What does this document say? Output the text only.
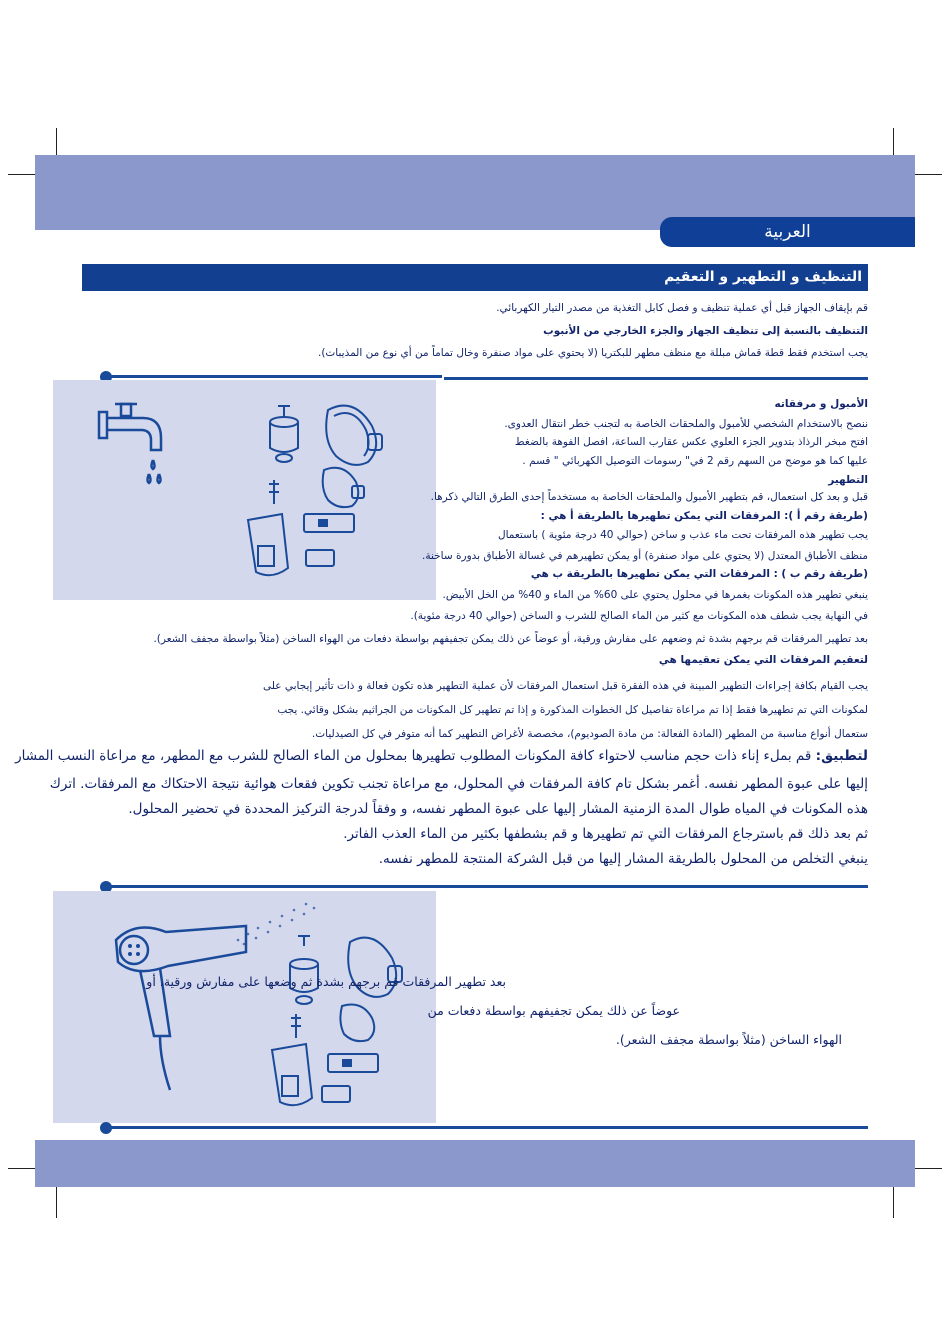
العربية
التنظيف و التطهير و التعقيم
قم بإيقاف الجهاز قبل أي عملية تنظيف و فصل كابل التغذية من مصدر التيار الكهربائي.
التنظيف بالنسبة إلى تنظيف الجهاز والجزء الخارجي من الأنبوب
يجب استخدم فقط قطة قماش مبللة مع منظف مطهر للبكتريا (لا يحتوي على مواد صنفرة وخال تماماً من أي نوع من المذيبات).
الأمبول و مرفقاته
ننصح بالاستخدام الشخصي للأمبول والملحقات الخاصة به لتجنب خطر انتقال العدوى.
افتح مبخر الرذاذ بتدوير الجزء العلوي عكس عقارب الساعة، افصل الفوهة بالضغط
عليها كما هو موضح من السهم رقم 2 في" رسومات التوصيل الكهربائي " قسم .
التطهير
قبل و بعد كل استعمال، قم بتطهير الأمبول والملحقات الخاصة به مستخدماً إحدى الطرق التالي ذكرها.
(طريقة رقم أ ): المرفقات التي يمكن تطهيرها بالطريقة أ هي :
يجب تطهير هذه المرفقات تحت ماء عذب و ساخن (حوالي 40 درجة مئوية ) باستعمال
منظف الأطباق المعتدل (لا يحتوي على مواد صنفرة) أو يمكن تطهيرهم في غسالة الأطباق بدورة ساخنة.
(طريقة رقم ب ) : المرفقات التي يمكن تطهيرها بالطريقة ب هي
ينبغي تطهير هذه المكونات بغمرها في محلول يحتوي على 60% من الماء و 40% من الخل الأبيض.
في النهاية يجب شطف هذه المكونات مع كثير من الماء الصالح للشرب و الساخن (حوالي 40 درجة مئوية).
بعد تطهير المرفقات قم برجهم بشدة ثم وضعهم على مفارش ورقية، أو عوضاً عن ذلك يمكن تجفيفهم بواسطة دفعات من الهواء الساخن (مثلاً بواسطة مجفف الشعر).
لتعقيم المرفقات التي يمكن تعقيمها هي
يجب القيام بكافة إجراءات التطهير المبينة في هذه الفقرة قبل استعمال المرفقات لأن عملية التطهير هذه تكون فعالة و ذات تأثير إيجابي على
لمكونات التي تم تطهيرها فقط إذا تم مراعاة تفاصيل كل الخطوات المذكورة و إذا تم تطهير كل المكونات من الجراثيم بشكل وقائي. يجب
ستعمال أنواع مناسبة من المطهر (المادة الفعالة: من مادة الصوديوم)، مخصصة لأغراض التطهير كما أنه متوفر في كل الصيدليات.
لتطبيق: قم بملء إناء ذات حجم مناسب لاحتواء كافة المكونات المطلوب تطهيرها بمحلول من الماء الصالح للشرب مع المطهر، مع مراعاة النسب المشار
إليها على عبوة المطهر نفسه. أغمر بشكل تام كافة المرفقات في المحلول، مع مراعاة تجنب تكوين فقعات هوائية نتيجة الاحتكاك مع المرفقات. اترك
هذه المكونات في المياه طوال المدة الزمنية المشار إليها على عبوة المطهر نفسه، و وفقاً لدرجة التركيز المحددة في تحضير المحلول.
ثم بعد ذلك قم باسترجاع المرفقات التي تم تطهيرها و قم بشطفها بكثير من الماء العذب الفاتر.
ينبغي التخلص من المحلول بالطريقة المشار إليها من قبل الشركة المنتجة للمطهر نفسه.
بعد تطهير المرفقات قم برجهم بشدة ثم وضعها على مفارش ورقية، أو
عوضاً عن ذلك يمكن تجفيفهم بواسطة دفعات من
الهواء الساخن (مثلاً بواسطة مجفف الشعر).
